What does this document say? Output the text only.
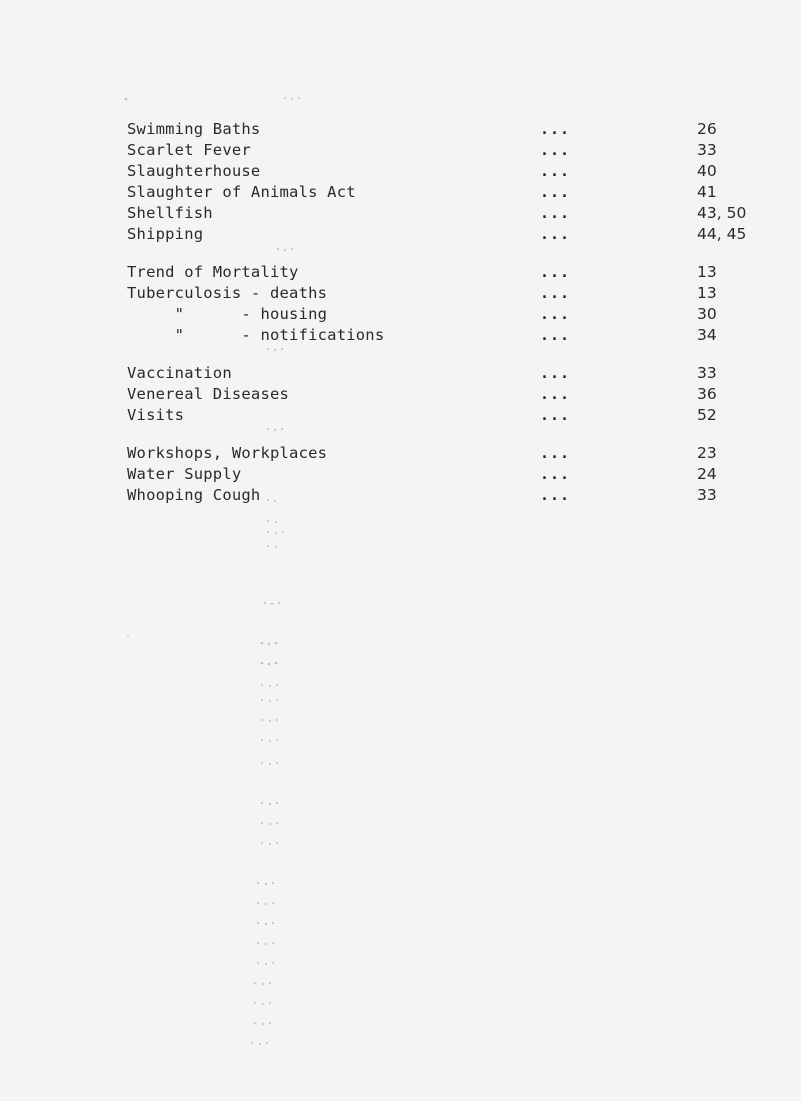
Swimming Baths	...	26
Scarlet Fever	...	33
Slaughterhouse	...	40
Slaughter of Animals Act	...	41
Shellfish	...	43, 50
Shipping	...	44, 45
Trend of Mortality	...	13
Tuberculosis - deaths	...	13
"      - housing	...	30
"      - notifications	...	34
Vaccination	...	33
Venereal Diseases	...	36
Visits	...	52
Workshops, Workplaces	...	23
Water Supply	...	24
Whooping Cough	...	33
